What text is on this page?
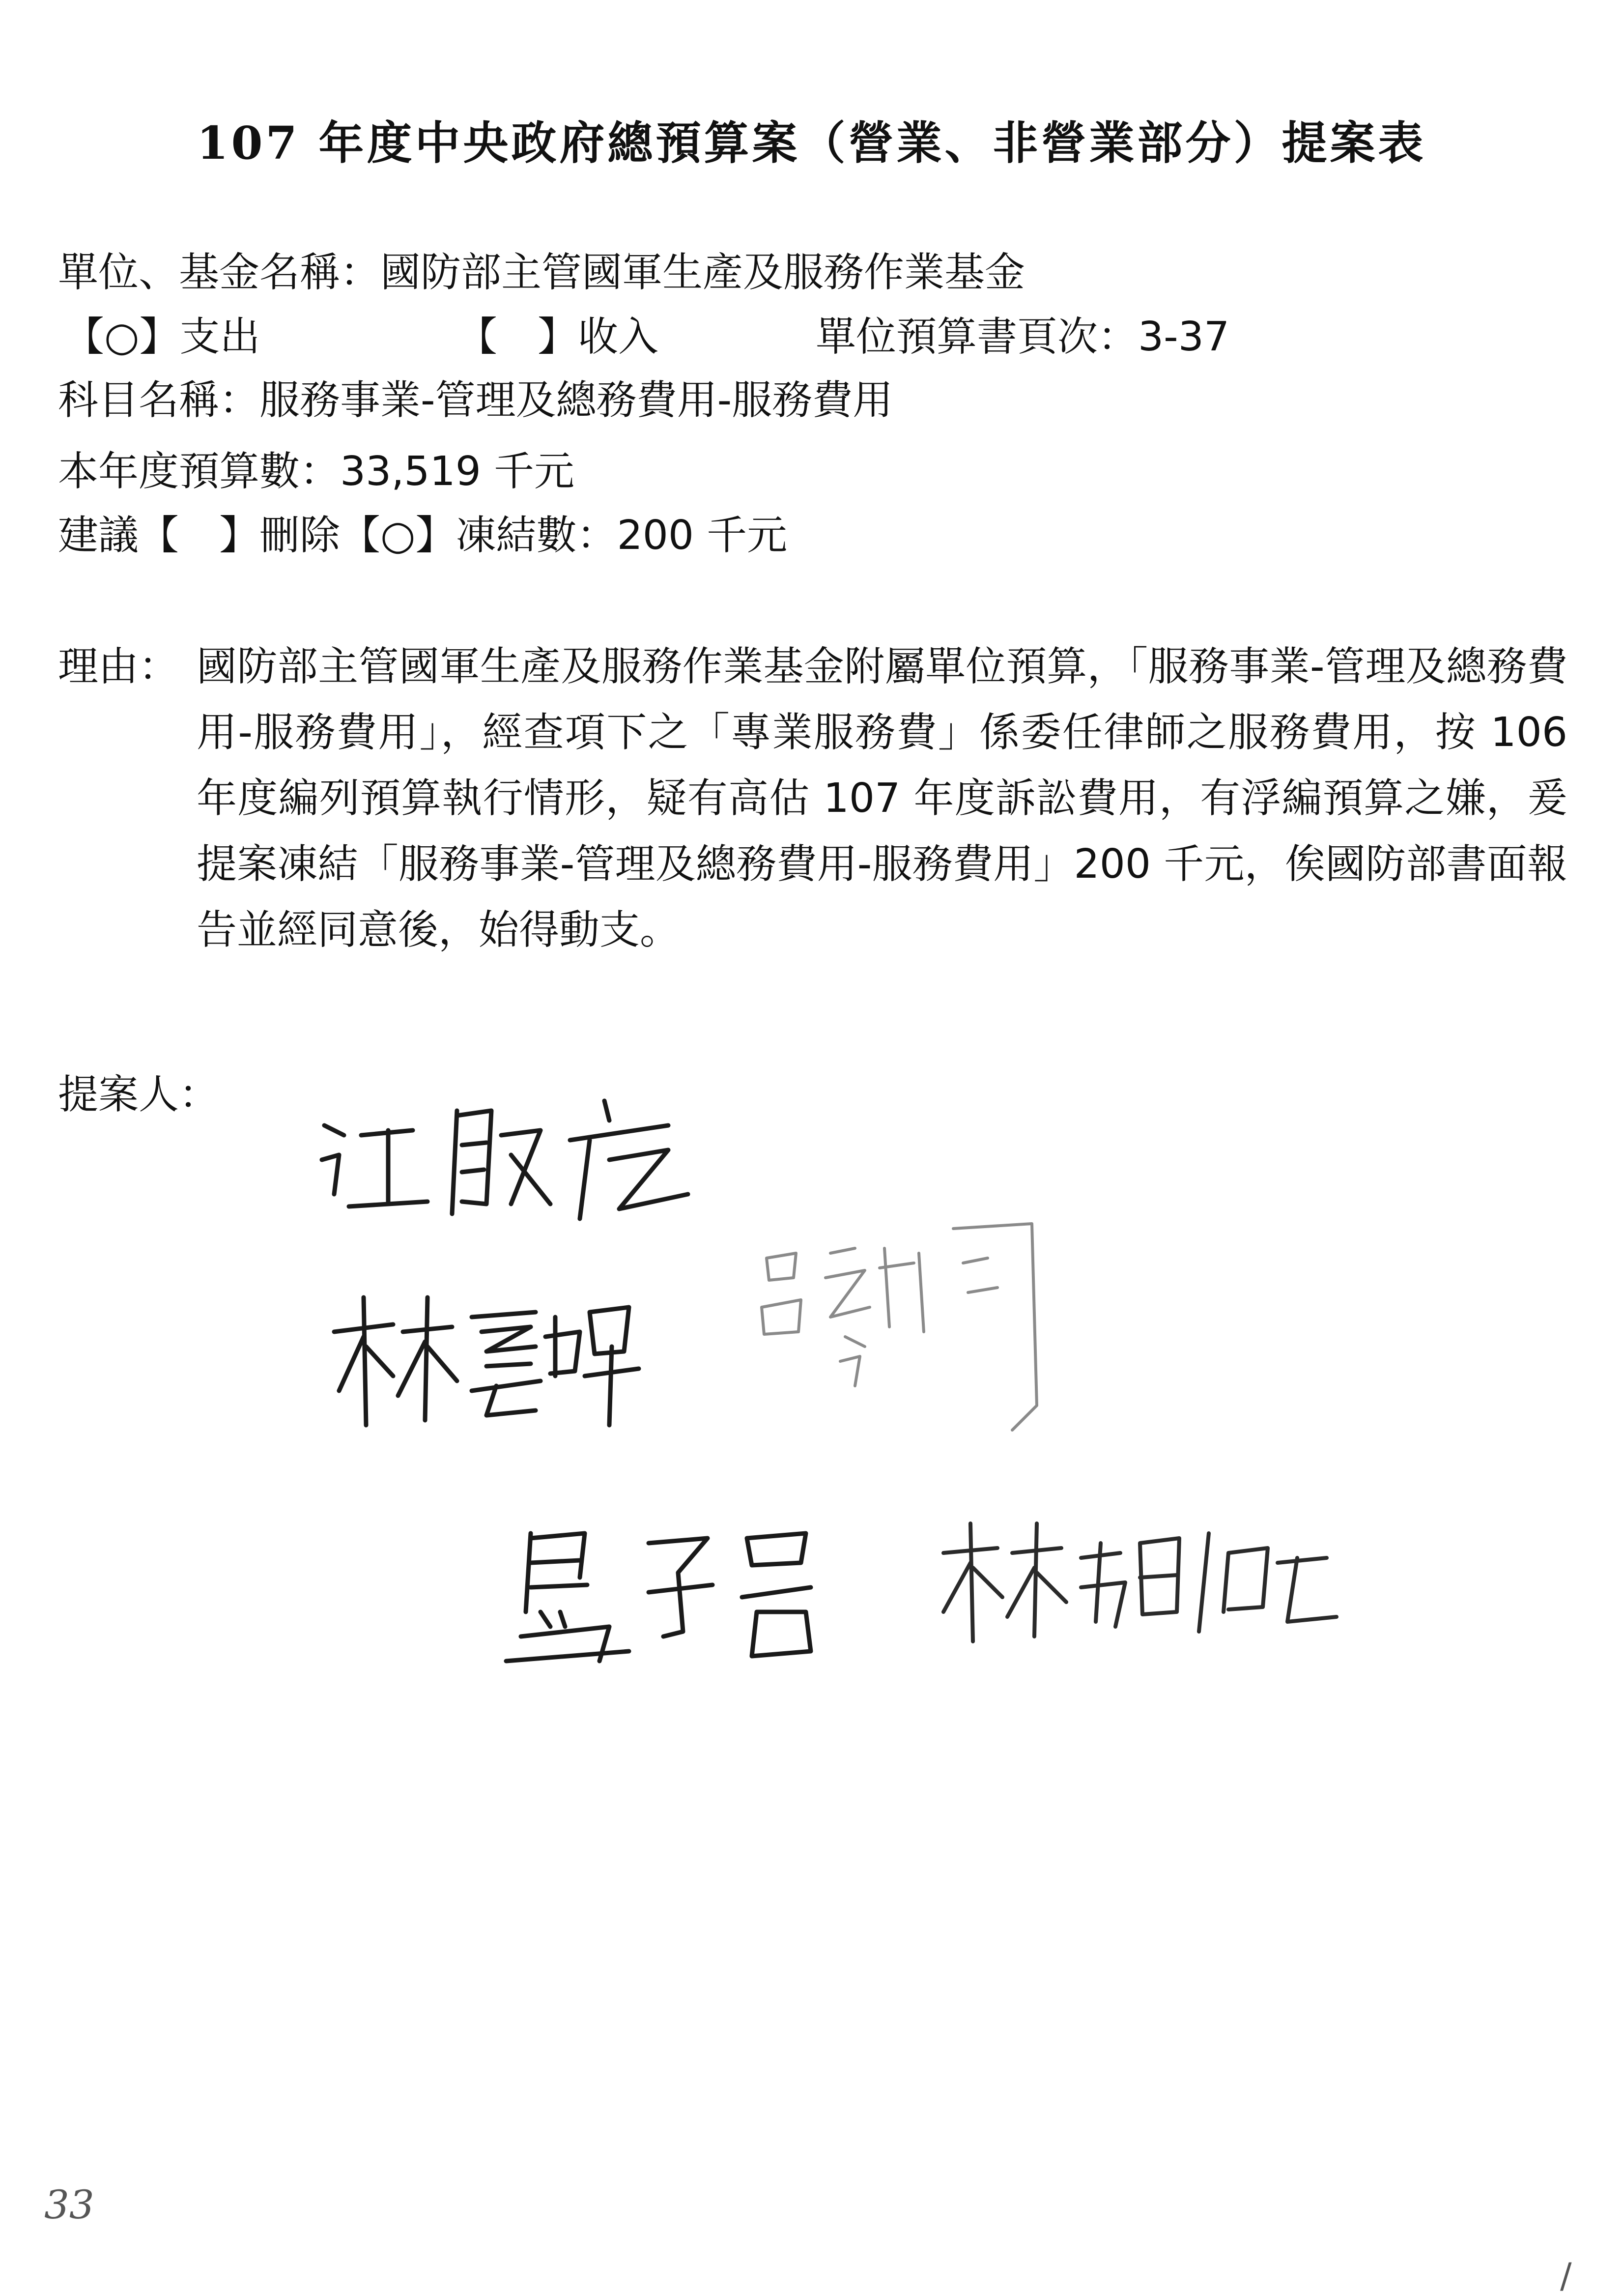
107 年度中央政府總預算案（營業、非營業部分）提案表
單位、基金名稱：國防部主管國軍生產及服務作業基金
【○】支出	【　】收入	單位預算書頁次：3-37
科目名稱：服務事業-管理及總務費用-服務費用
本年度預算數：33,519 千元
建議【　】刪除【○】凍結數：200 千元
理由： 國防部主管國軍生產及服務作業基金附屬單位預算，「服務事業-管理及總務費用-服務費用」，經查項下之「專業服務費」係委任律師之服務費用，按 106 年度編列預算執行情形，疑有高估 107 年度訴訟費用，有浮編預算之嫌，爰提案凍結「服務事業-管理及總務費用-服務費用」200 千元，俟國防部書面報告並經同意後，始得動支。
提案人：
33
/
